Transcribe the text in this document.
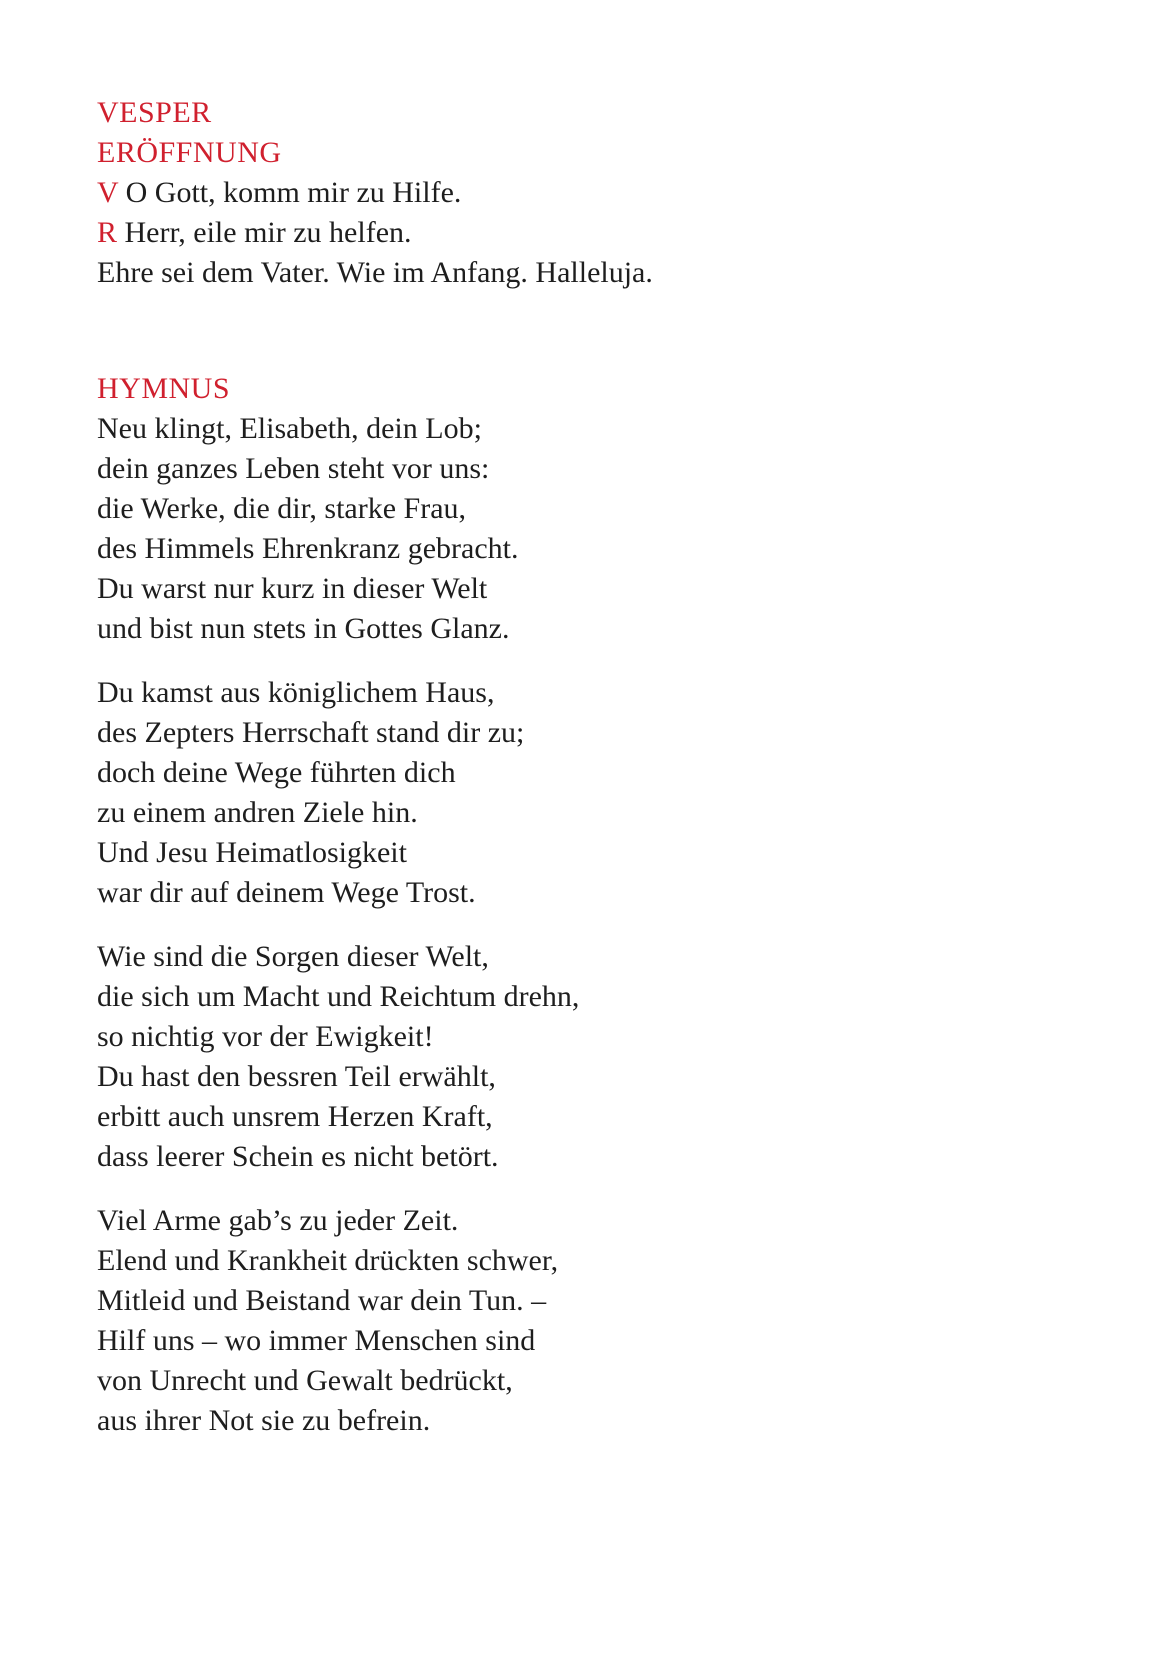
VESPER
ERÖFFNUNG

V O Gott, komm mir zu Hilfe.

R Herr, eile mir zu helfen.

Ehre sei dem Vater. Wie im Anfang. Halleluja.

HYMNUS

Neu klingt, Elisabeth, dein Lob;

dein ganzes Leben steht vor uns:

die Werke, die dir, starke Frau,

des Himmels Ehrenkranz gebracht.

Du warst nur kurz in dieser Welt

und bist nun stets in Gottes Glanz.

Du kamst aus königlichem Haus,

des Zepters Herrschaft stand dir zu;

doch deine Wege führten dich

zu einem andren Ziele hin.

Und Jesu Heimatlosigkeit

war dir auf deinem Wege Trost.

Wie sind die Sorgen dieser Welt,

die sich um Macht und Reichtum drehn,

so nichtig vor der Ewigkeit!

Du hast den bessren Teil erwählt,

erbitt auch unsrem Herzen Kraft,

dass leerer Schein es nicht betört.

Viel Arme gab’s zu jeder Zeit.

Elend und Krankheit drückten schwer,

Mitleid und Beistand war dein Tun. –

Hilf uns – wo immer Menschen sind

von Unrecht und Gewalt bedrückt,

aus ihrer Not sie zu befrein.
